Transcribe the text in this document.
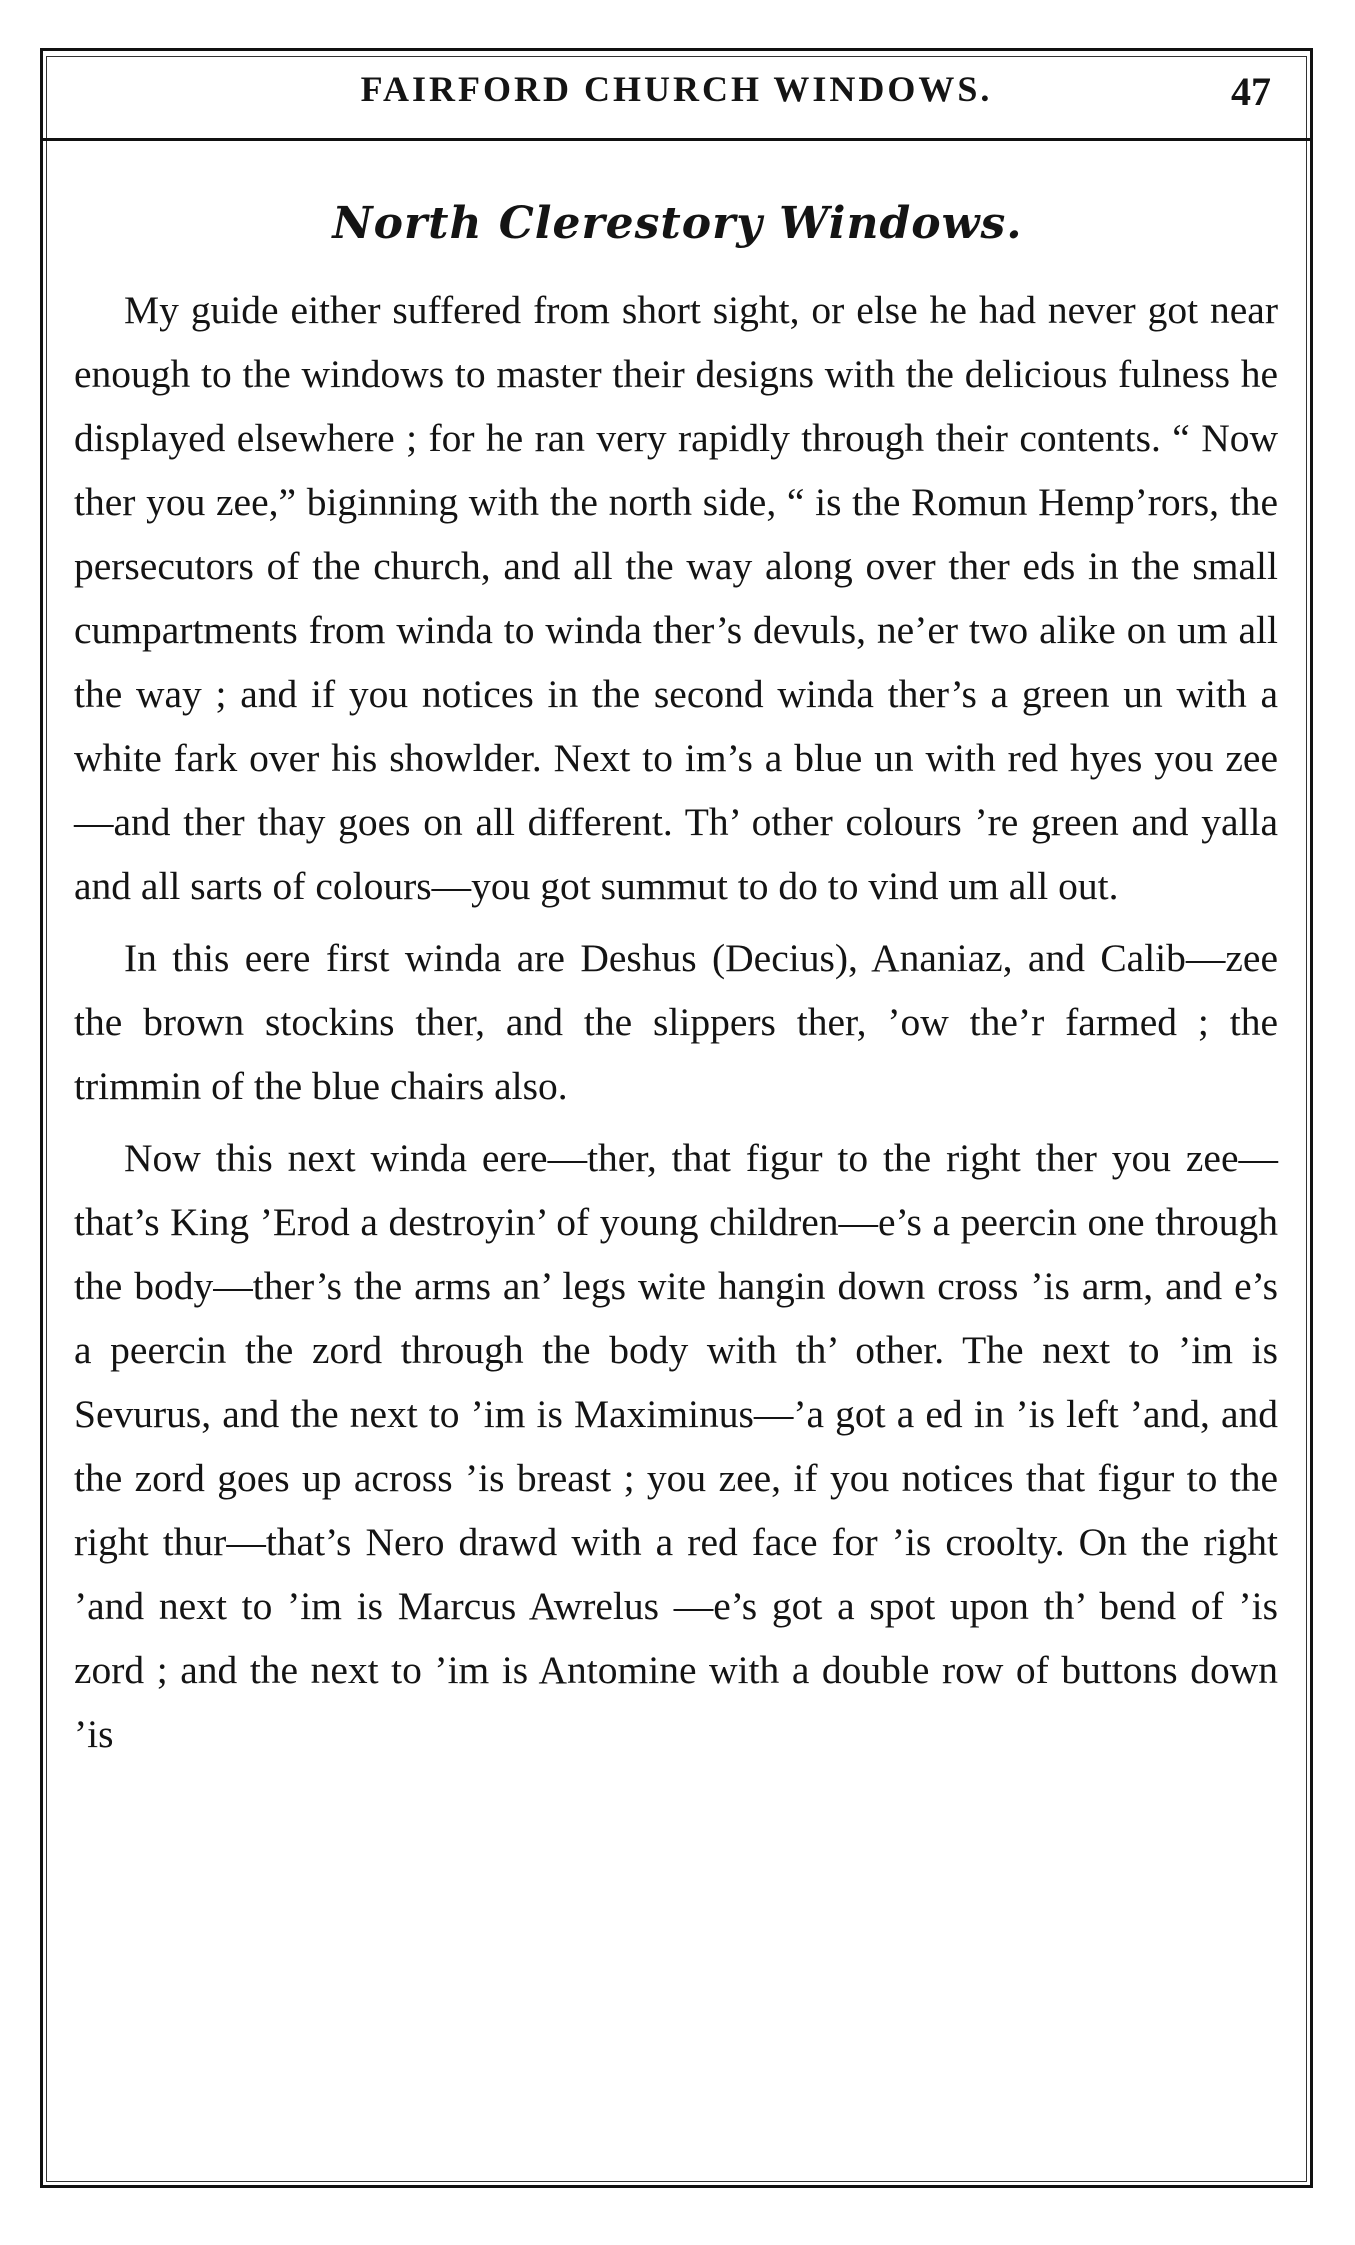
FAIRFORD CHURCH WINDOWS.	47
North Clerestory Windows.

My guide either suffered from short sight, or else he had never got near enough to the windows to master their designs with the delicious fulness he displayed elsewhere ; for he ran very rapidly through their contents. “ Now ther you zee,” biginning with the north side, “ is the Romun Hemp’rors, the persecutors of the church, and all the way along over ther eds in the small cumpartments from winda to winda ther’s devuls, ne’er two alike on um all the way ; and if you notices in the second winda ther’s a green un with a white fark over his showlder. Next to im’s a blue un with red hyes you zee—and ther thay goes on all different. Th’ other colours ’re green and yalla and all sarts of colours—you got summut to do to vind um all out.

In this eere first winda are Deshus (Decius), Ananiaz, and Calib—zee the brown stockins ther, and the slippers ther, ’ow the’r farmed ; the trimmin of the blue chairs also.

Now this next winda eere—ther, that figur to the right ther you zee—that’s King ’Erod a destroyin’ of young children—e’s a peercin one through the body—ther’s the arms an’ legs wite hangin down cross ’is arm, and e’s a peercin the zord through the body with th’ other. The next to ’im is Sevurus, and the next to ’im is Maximinus—’a got a ed in ’is left ’and, and the zord goes up across ’is breast ; you zee, if you notices that figur to the right thur—that’s Nero drawd with a red face for ’is croolty. On the right ’and next to ’im is Marcus Awrelus —e’s got a spot upon th’ bend of ’is zord ; and the next to ’im is Antomine with a double row of buttons down ’is
